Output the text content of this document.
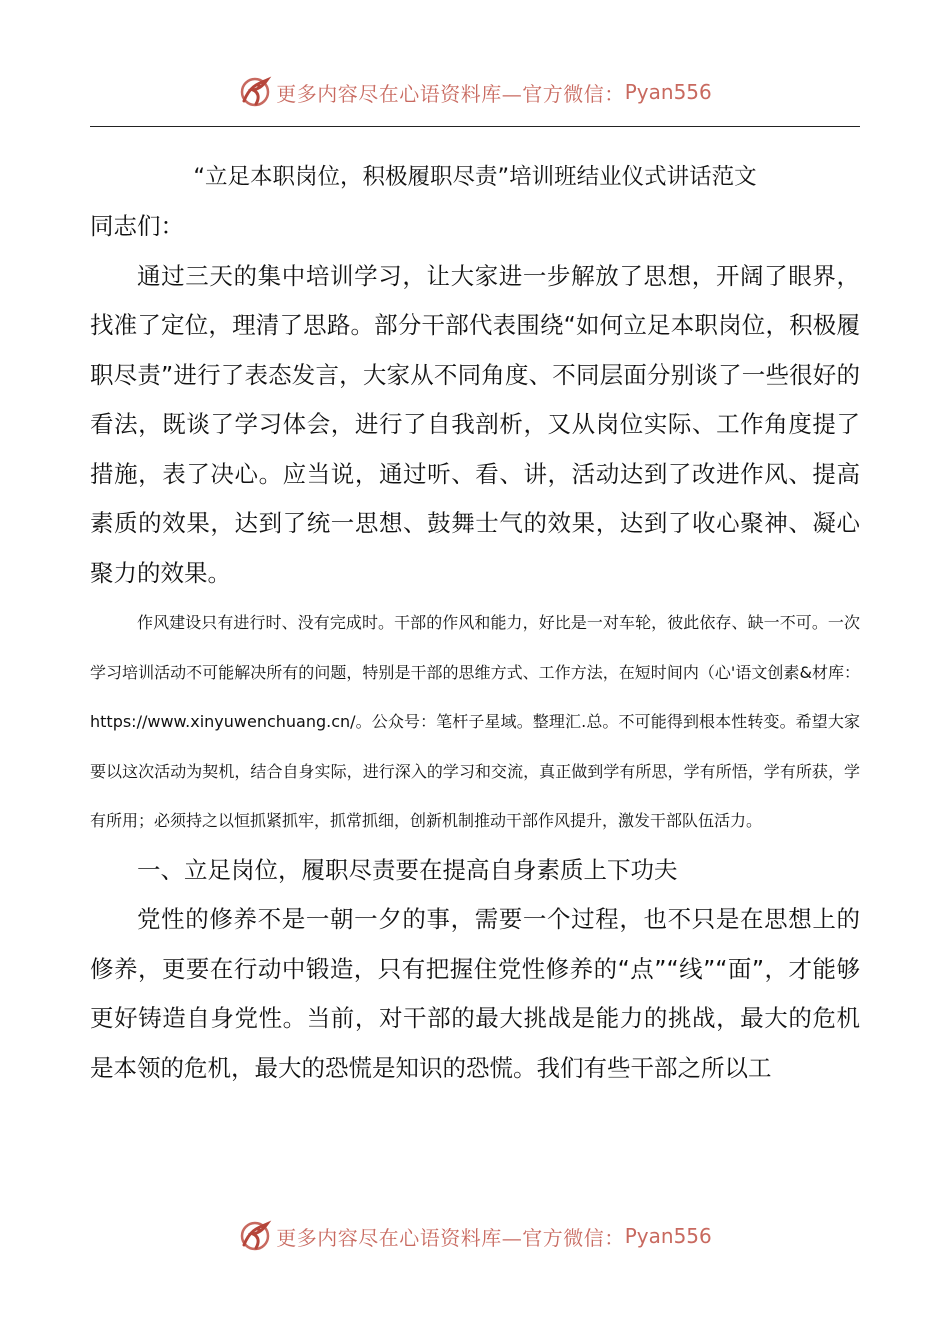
更多内容尽在心语资料库—官方微信： Pyan556

“立足本职岗位，积极履职尽责”培训班结业仪式讲话范文

同志们：

通过三天的集中培训学习，让大家进一步解放了思想，开阔了眼界，找准了定位，理清了思路。部分干部代表围绕“如何立足本职岗位，积极履职尽责”进行了表态发言，大家从不同角度、不同层面分别谈了一些很好的看法，既谈了学习体会，进行了自我剖析，又从岗位实际、工作角度提了措施，表了决心。应当说，通过听、看、讲，活动达到了改进作风、提高素质的效果，达到了统一思想、鼓舞士气的效果，达到了收心聚神、凝心聚力的效果。

作风建设只有进行时、没有完成时。干部的作风和能力，好比是一对车轮，彼此依存、缺一不可。一次学习培训活动不可能解决所有的问题，特别是干部的思维方式、工作方法，在短时间内（心'语文创素&材库：https://www.xinyuwenchuang.cn/。公众号：笔杆子星域。整理汇.总。不可能得到根本性转变。希望大家要以这次活动为契机，结合自身实际，进行深入的学习和交流，真正做到学有所思，学有所悟，学有所获，学有所用；必须持之以恒抓紧抓牢，抓常抓细，创新机制推动干部作风提升，激发干部队伍活力。

一、立足岗位，履职尽责要在提高自身素质上下功夫

党性的修养不是一朝一夕的事，需要一个过程，也不只是在思想上的修养，更要在行动中锻造，只有把握住党性修养的“点”“线”“面”，才能够更好铸造自身党性。当前，对干部的最大挑战是能力的挑战，最大的危机是本领的危机，最大的恐慌是知识的恐慌。我们有些干部之所以工

更多内容尽在心语资料库—官方微信： Pyan556
